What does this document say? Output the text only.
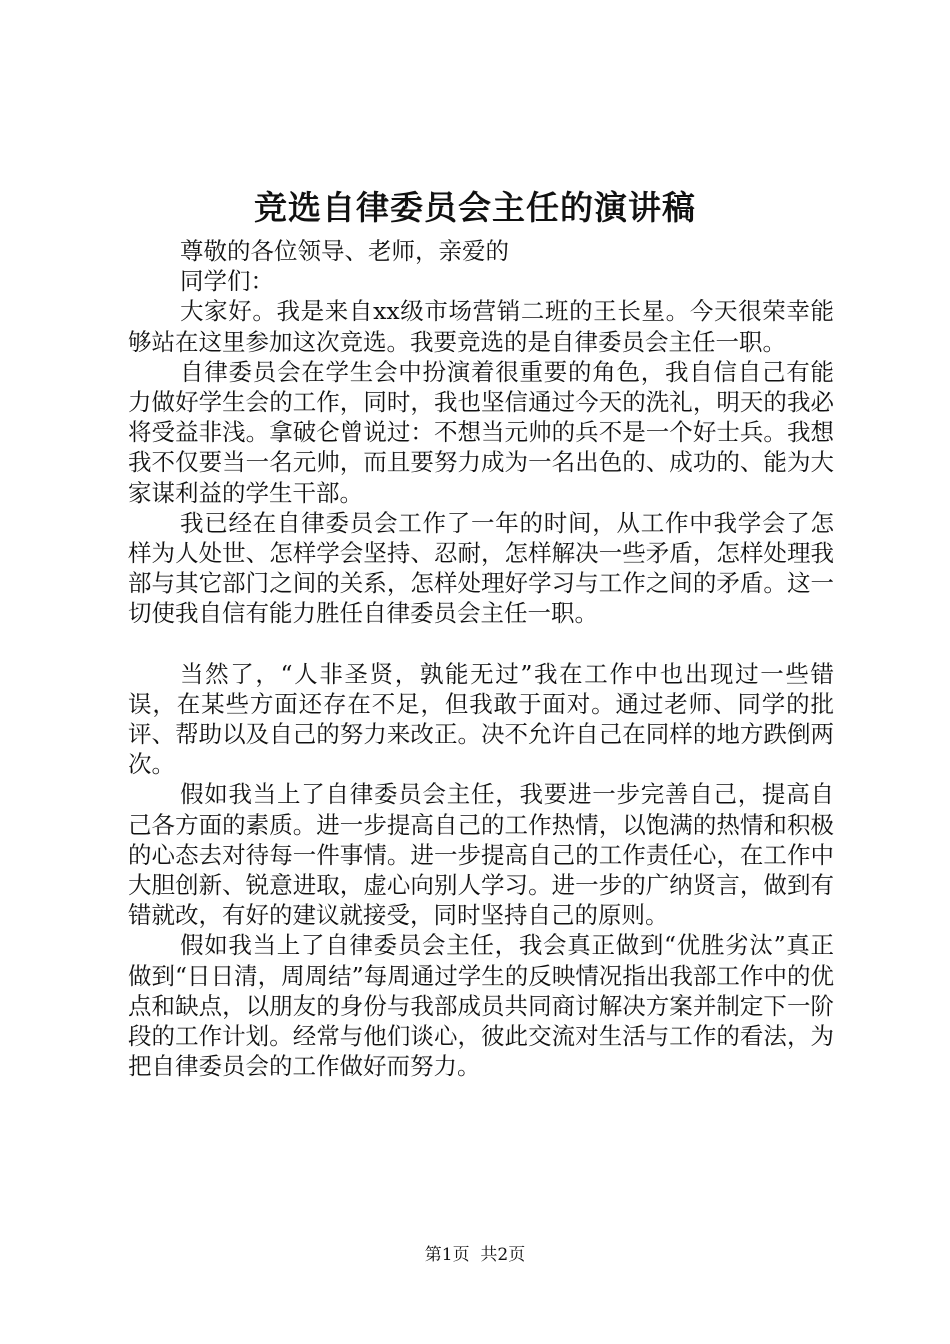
竞选自律委员会主任的演讲稿

尊敬的各位领导、老师，亲爱的

同学们：

大家好。我是来自xx级市场营销二班的王长星。今天很荣幸能够站在这里参加这次竞选。我要竞选的是自律委员会主任一职。

自律委员会在学生会中扮演着很重要的角色，我自信自己有能力做好学生会的工作，同时，我也坚信通过今天的洗礼，明天的我必将受益非浅。拿破仑曾说过：不想当元帅的兵不是一个好士兵。我想我不仅要当一名元帅，而且要努力成为一名出色的、成功的、能为大家谋利益的学生干部。

我已经在自律委员会工作了一年的时间，从工作中我学会了怎样为人处世、怎样学会坚持、忍耐，怎样解决一些矛盾，怎样处理我部与其它部门之间的关系，怎样处理好学习与工作之间的矛盾。这一切使我自信有能力胜任自律委员会主任一职。

当然了，“人非圣贤，孰能无过”我在工作中也出现过一些错误，在某些方面还存在不足，但我敢于面对。通过老师、同学的批评、帮助以及自己的努力来改正。决不允许自己在同样的地方跌倒两次。

假如我当上了自律委员会主任，我要进一步完善自己，提高自己各方面的素质。进一步提高自己的工作热情，以饱满的热情和积极的心态去对待每一件事情。进一步提高自己的工作责任心，在工作中大胆创新、锐意进取，虚心向别人学习。进一步的广纳贤言，做到有错就改，有好的建议就接受，同时坚持自己的原则。

假如我当上了自律委员会主任，我会真正做到“优胜劣汰”真正做到“日日清，周周结”每周通过学生的反映情况指出我部工作中的优点和缺点，以朋友的身份与我部成员共同商讨解决方案并制定下一阶段的工作计划。经常与他们谈心，彼此交流对生活与工作的看法，为把自律委员会的工作做好而努力。

第1页  共2页
